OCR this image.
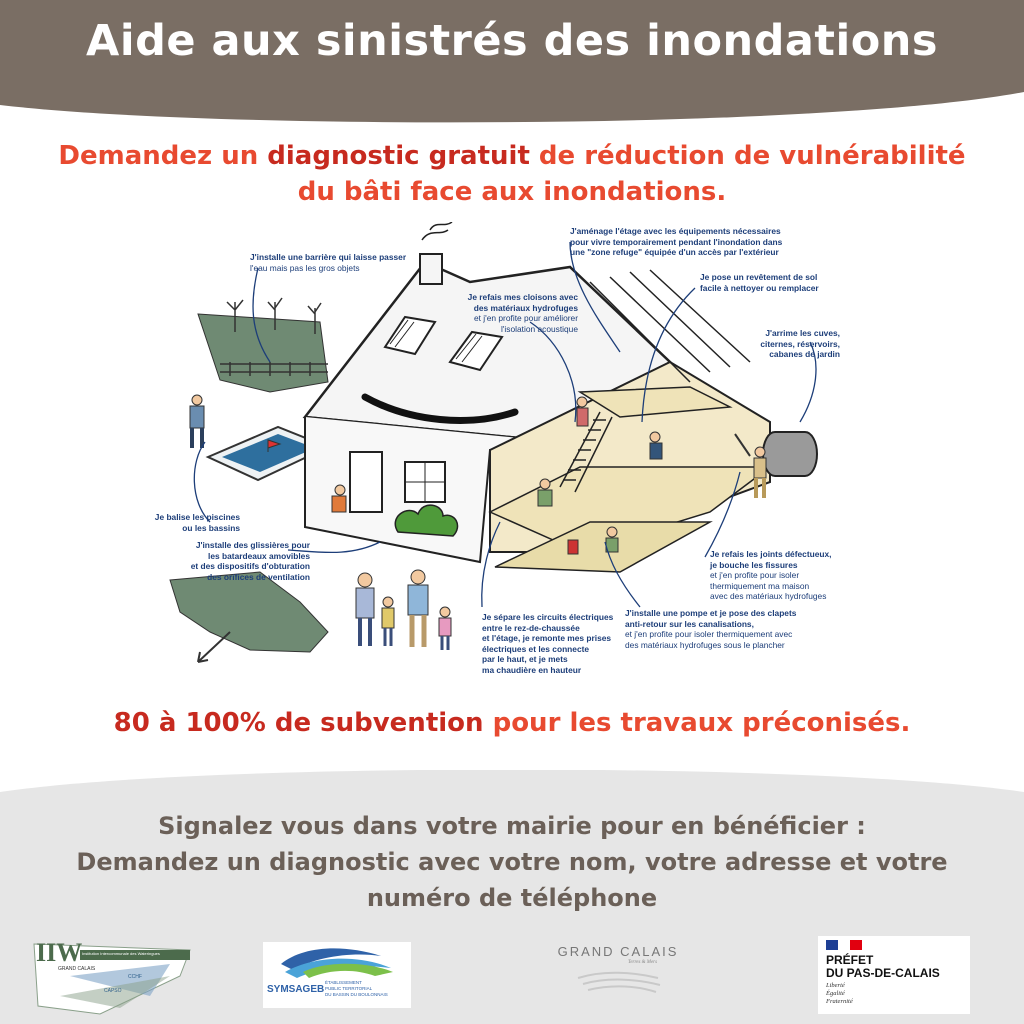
Aide aux sinistrés des inondations
Demandez un diagnostic gratuit de réduction de vulnérabilité
du bâti face aux inondations.
J'installe une barrière qui laisse passer
l'eau mais pas les gros objets
Je refais mes cloisons avec
des matériaux hydrofuges
et j'en profite pour améliorer
l'isolation acoustique
J'aménage l'étage avec les équipements nécessaires
pour vivre temporairement pendant l'inondation dans
une "zone refuge" équipée d'un accès par l'extérieur
Je pose un revêtement de sol
facile à nettoyer ou remplacer
J'arrime les cuves,
citernes, réservoirs,
cabanes de jardin
Je balise les piscines
ou les bassins
J'installe des glissières pour
les batardeaux amovibles
et des dispositifs d'obturation
des orifices de ventilation
Je refais les joints défectueux,
je bouche les fissures
et j'en profite pour isoler
thermiquement ma maison
avec des matériaux hydrofuges
J'installe une pompe et je pose des clapets
anti-retour sur les canalisations,
et j'en profite pour isoler thermiquement avec
des matériaux hydrofuges sous le plancher
Je sépare les circuits électriques
entre le rez-de-chaussée
et l'étage, je remonte mes prises
électriques et les connecte
par le haut, et je mets
ma chaudière en hauteur
80 à 100% de subvention pour les travaux préconisés.
Signalez vous dans votre mairie pour en bénéficier :
Demandez un diagnostic avec votre nom, votre adresse et votre
numéro de téléphone
IIW Institution Intercommunale des Wateringues
GRAND CALAIS
CAPSO
CCHF
SYMSAGEB
ÉTABLISSEMENT
PUBLIC TERRITORIAL
DU BASSIN DU BOULONNAIS
GRAND CALAIS
Terres & Mers	PRÉFET
DU PAS-DE-CALAIS
Liberté
Égalité
Fraternité
